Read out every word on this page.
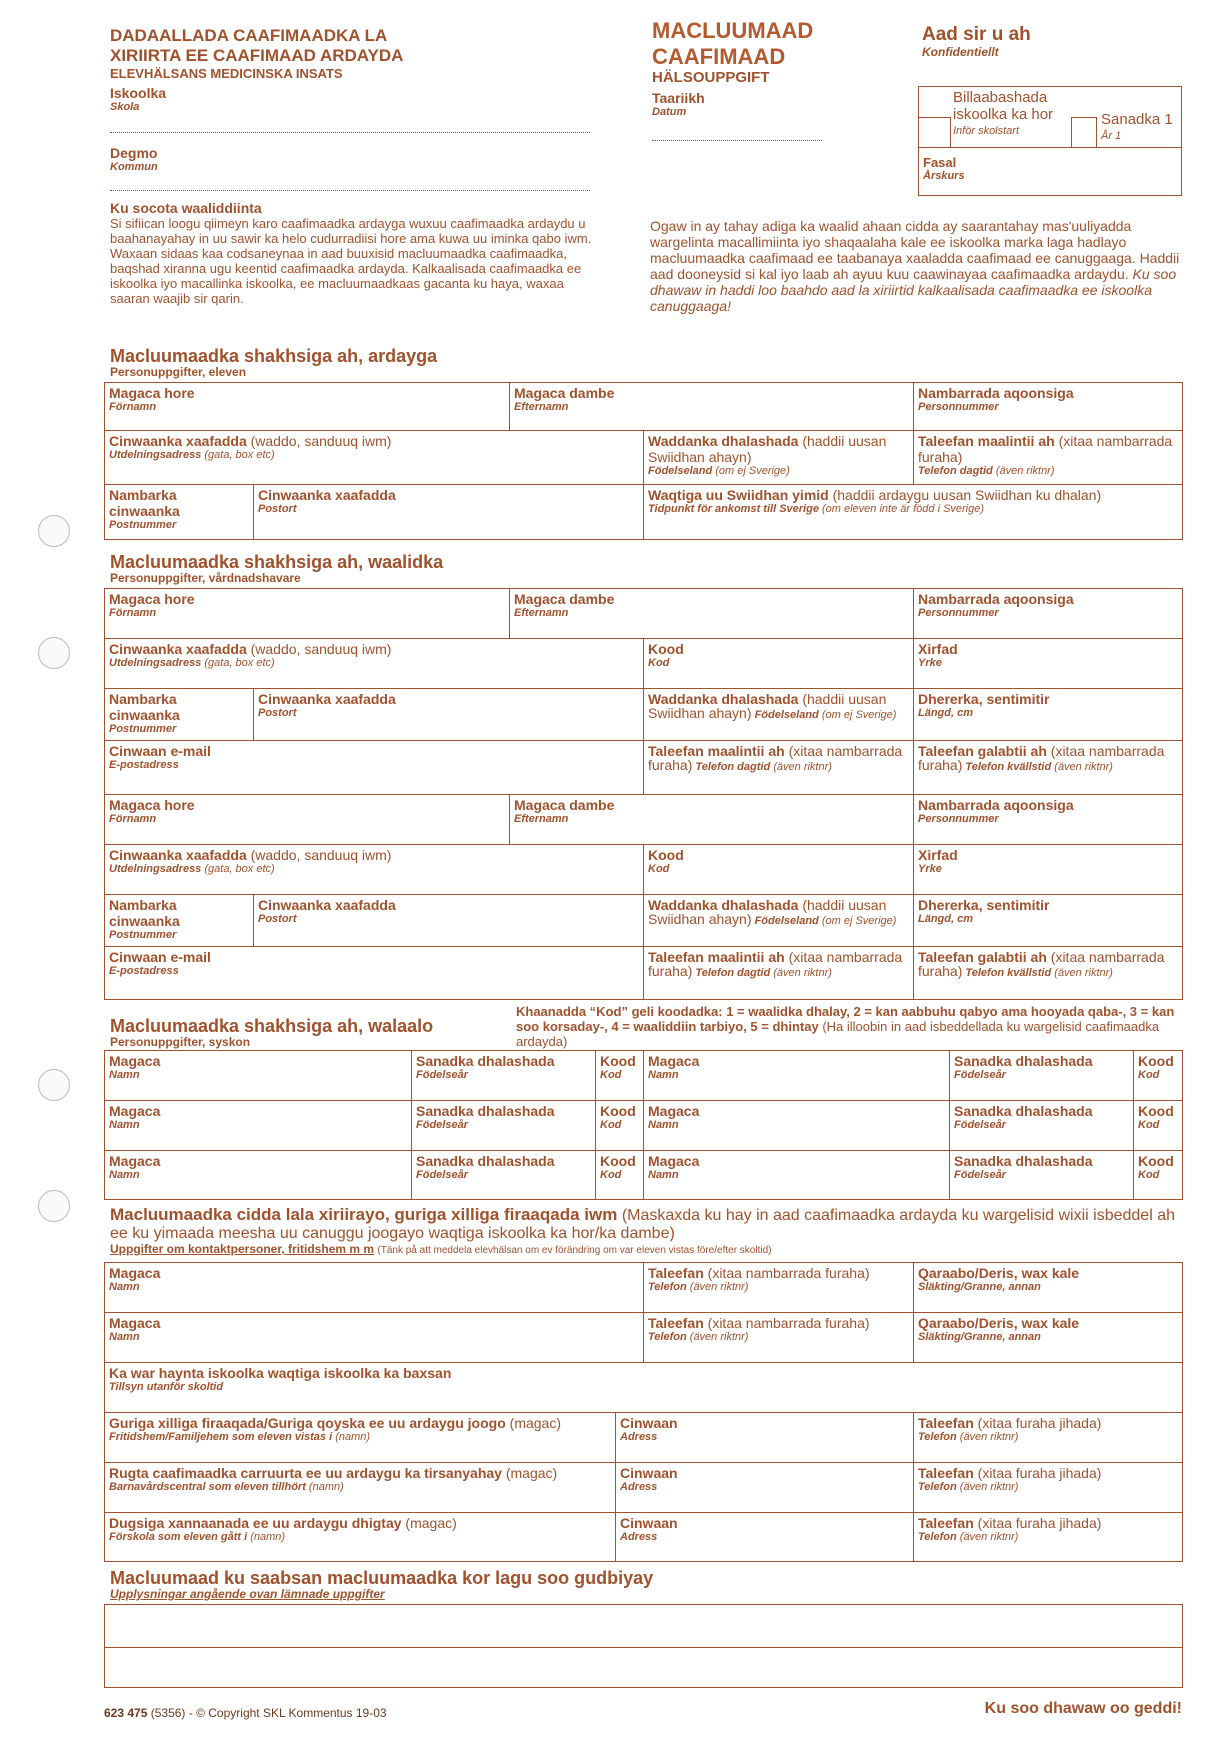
DADAALLADA CAAFIMAADKA LA
XIRIIRTA EE CAAFIMAAD ARDAYDA
ELEVHÄLSANS MEDICINSKA INSATS
Iskoolka
Skola
Degmo
Kommun
MACLUUMAAD
CAAFIMAAD
HÄLSOUPPGIFT
Taariikh
Datum
Aad sir u ah
Konfidentiellt
Billaabashada
iskoolka ka hor
Inför skolstart
Sanadka 1
År 1
Fasal
Årskurs
Ku socota waaliddiinta
Si sifiican loogu qiimeyn karo caafimaadka ardayga wuxuu caafimaadka ardaydu u baahanayahay in uu sawir ka helo cudurradiisi hore ama kuwa uu iminka qabo iwm. Waxaan sidaas kaa codsaneynaa in aad buuxisid macluumaadka caafimaadka, baqshad xiranna ugu keentid caafimaadka ardayda. Kalkaalisada caafimaadka ee iskoolka iyo macallinka iskoolka, ee macluumaadkaas gacanta ku haya, waxaa saaran waajib sir qarin.
Ogaw in ay tahay adiga ka waalid ahaan cidda ay saarantahay mas'uuliyadda wargelinta macallimiinta iyo shaqaalaha kale ee iskoolka marka laga hadlayo macluumaadka caafimaad ee taabanaya xaaladda caafimaad ee canuggaaga. Haddii aad dooneysid si kal iyo laab ah ayuu kuu caawinayaa caafimaadka ardaydu. Ku soo dhawaw in haddi loo baahdo aad la xiriirtid kalkaalisada caafimaadka ee iskoolka canuggaaga!
Macluumaadka shakhsiga ah, ardayga
Personuppgifter, eleven
Magaca hore
Förnamn
Magaca dambe
Efternamn
Nambarrada aqoonsiga
Personnummer
Cinwaanka xaafadda (waddo, sanduuq iwm)
Utdelningsadress (gata, box etc)
Waddanka dhalashada (haddii uusan Swiidhan ahayn)
Födelseland (om ej Sverige)
Taleefan maalintii ah (xitaa nambarrada furaha)
Telefon dagtid (även riktnr)
Nambarka cinwaanka
Postnummer
Cinwaanka xaafadda
Postort
Waqtiga uu Swiidhan yimid (haddii ardaygu uusan Swiidhan ku dhalan)
Tidpunkt för ankomst till Sverige (om eleven inte är född i Sverige)
Macluumaadka shakhsiga ah, waalidka
Personuppgifter, vårdnadshavare
Magaca hore
Förnamn
Magaca dambe
Efternamn
Nambarrada aqoonsiga
Personnummer
Cinwaanka xaafadda (waddo, sanduuq iwm)
Utdelningsadress (gata, box etc)
Kood
Kod
Xirfad
Yrke
Nambarka cinwaanka
Postnummer
Cinwaanka xaafadda
Postort
Waddanka dhalashada (haddii uusan
Swiidhan ahayn) Födelseland (om ej Sverige)
Dhererka, sentimitir
Längd, cm
Cinwaan e-mail
E-postadress
Taleefan maalintii ah (xitaa nambarrada
furaha) Telefon dagtid (även riktnr)
Taleefan galabtii ah (xitaa nambarrada
furaha) Telefon kvällstid (även riktnr)
Magaca hore
Förnamn
Magaca dambe
Efternamn
Nambarrada aqoonsiga
Personnummer
Cinwaanka xaafadda (waddo, sanduuq iwm)
Utdelningsadress (gata, box etc)
Kood
Kod
Xirfad
Yrke
Nambarka cinwaanka
Postnummer
Cinwaanka xaafadda
Postort
Waddanka dhalashada (haddii uusan
Swiidhan ahayn) Födelseland (om ej Sverige)
Dhererka, sentimitir
Längd, cm
Cinwaan e-mail
E-postadress
Taleefan maalintii ah (xitaa nambarrada
furaha) Telefon dagtid (även riktnr)
Taleefan galabtii ah (xitaa nambarrada
furaha) Telefon kvällstid (även riktnr)
Macluumaadka shakhsiga ah, walaalo
Personuppgifter, syskon
Khaanadda “Kod” geli koodadka: 1 = waalidka dhalay, 2 = kan aabbuhu qabyo ama hooyada qaba-, 3 = kan soo korsaday-, 4 = waaliddiin tarbiyo, 5 = dhintay (Ha illoobin in aad isbeddellada ku wargelisid caafimaadka ardayda)
Magaca
Namn
Sanadka dhalashada
Födelseår
Kood
Kod
Magaca
Namn
Sanadka dhalashada
Födelseår
Kood
Kod
Magaca
Namn
Sanadka dhalashada
Födelseår
Kood
Kod
Magaca
Namn
Sanadka dhalashada
Födelseår
Kood
Kod
Magaca
Namn
Sanadka dhalashada
Födelseår
Kood
Kod
Magaca
Namn
Sanadka dhalashada
Födelseår
Kood
Kod
Macluumaadka cidda lala xiriirayo, guriga xilliga firaaqada iwm (Maskaxda ku hay in aad caafimaadka ardayda ku wargelisid wixii isbeddel ah ee ku yimaada meesha uu canuggu joogayo waqtiga iskoolka ka hor/ka dambe)
Uppgifter om kontaktpersoner, fritidshem m m (Tänk på att meddela elevhälsan om ev förändring om var eleven vistas före/efter skoltid)
Magaca
Namn
Taleefan (xitaa nambarrada furaha)
Telefon (även riktnr)
Qaraabo/Deris, wax kale
Släkting/Granne, annan
Magaca
Namn
Taleefan (xitaa nambarrada furaha)
Telefon (även riktnr)
Qaraabo/Deris, wax kale
Släkting/Granne, annan
Ka war haynta iskoolka waqtiga iskoolka ka baxsan
Tillsyn utanför skoltid
Guriga xilliga firaaqada/Guriga qoyska ee uu ardaygu joogo (magac)
Fritidshem/Familjehem som eleven vistas i (namn)
Cinwaan
Adress
Taleefan (xitaa furaha jihada)
Telefon (även riktnr)
Rugta caafimaadka carruurta ee uu ardaygu ka tirsanyahay (magac)
Barnavårdscentral som eleven tillhört (namn)
Cinwaan
Adress
Taleefan (xitaa furaha jihada)
Telefon (även riktnr)
Dugsiga xannaanada ee uu ardaygu dhigtay (magac)
Förskola som eleven gått i (namn)
Cinwaan
Adress
Taleefan (xitaa furaha jihada)
Telefon (även riktnr)
Macluumaad ku saabsan macluumaadka kor lagu soo gudbiyay
Upplysningar angående ovan lämnade uppgifter
623 475 (5356) - © Copyright SKL Kommentus 19-03	Ku soo dhawaw oo geddi!
